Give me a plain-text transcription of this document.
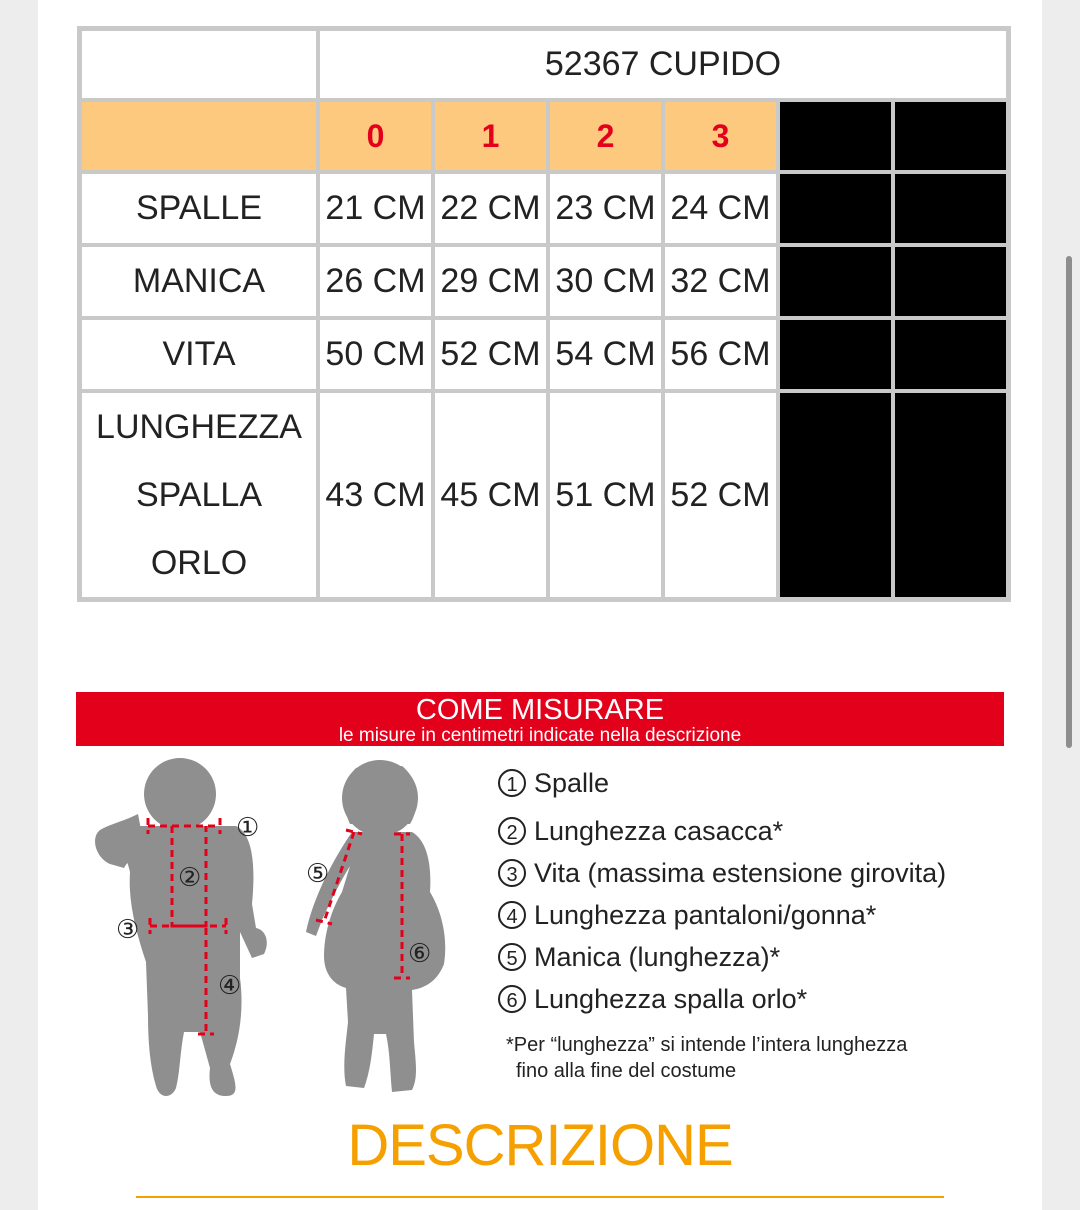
	52367 CUPIDO					
	0	1	2	3		
SPALLE	21 CM	22 CM	23 CM	24 CM		
MANICA	26 CM	29 CM	30 CM	32 CM		
VITA	50 CM	52 CM	54 CM	56 CM		

LUNGHEZZA
SPALLA
ORLO	43 CM	45 CM	51 CM	52 CM		
COME MISURARE
le misure in centimetri indicate nella descrizione
①
②
③
④
⑤
⑥
1 Spalle
2 Lunghezza casacca*
3 Vita (massima estensione girovita)
4 Lunghezza pantaloni/gonna*
5 Manica (lunghezza)*
6 Lunghezza spalla orlo*
*Per “lunghezza” si intende l’intera lunghezza
fino alla fine del costume
DESCRIZIONE
